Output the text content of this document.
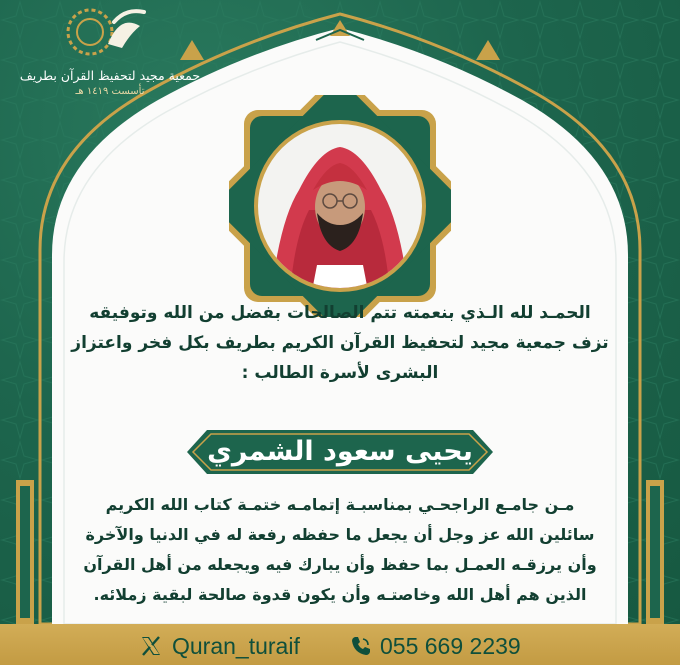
جمعية مجيد لتحفيظ القرآن بطريف
تأسست ١٤١٩ هـ
الحمـد لله الـذي بنعمته تتم الصالحات بفضل من الله وتوفيقه
تزف جمعية مجيد لتحفيظ القرآن الكريم بطريف بكل فخر واعتزاز
البشرى لأسرة الطالب :
يحيى سعود الشمري
مـن جامـع الراجحـي بمناسبـة إتمامـه ختمـة كتاب الله الكريم
سائلين الله عز وجل أن يجعل ما حفظه رفعة له في الدنيا والآخرة
وأن يرزقـه العمـل بما حفظ وأن يبارك فيه ويجعله من أهل القرآن
الذين هم أهل الله وخاصتـه وأن يكون قدوة صالحة لبقية زملائه.
Quran_turaif	055 669 2239
